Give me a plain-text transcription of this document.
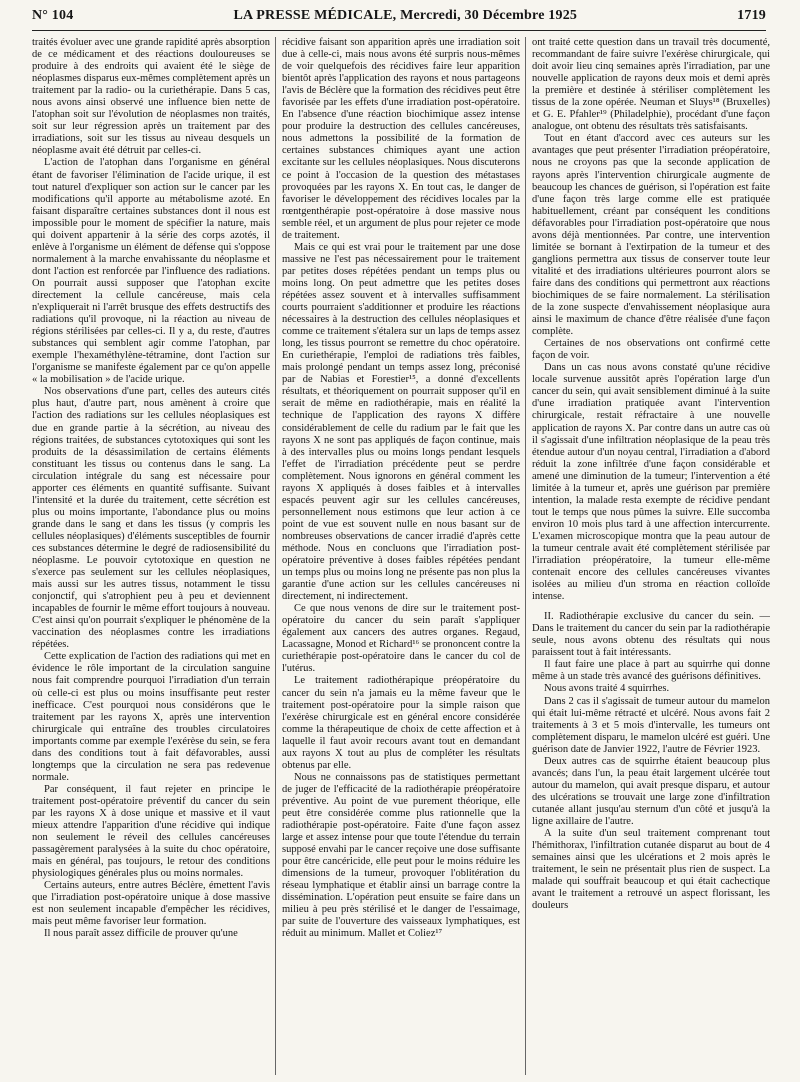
N° 104	LA PRESSE MÉDICALE, Mercredi, 30 Décembre 1925	1719

traités évoluer avec une grande rapidité après absorption de ce médicament et des réactions douloureuses se produire à des endroits qui avaient été le siège de néoplasmes disparus eux-mêmes complètement après un traitement par la radio- ou la curiethérapie. Dans 5 cas, nous avons ainsi observé une influence bien nette de l'atophan soit sur l'évolution de néoplasmes non traités, soit sur leur régression après un traitement par des irradiations, soit sur les tissus au niveau desquels un néoplasme avait été détruit par celles-ci.

L'action de l'atophan dans l'organisme en général étant de favoriser l'élimination de l'acide urique, il est tout naturel d'expliquer son action sur le cancer par les modifications qu'il apporte au métabolisme azoté. En faisant disparaître certaines substances dont il nous est impossible pour le moment de spécifier la nature, mais qui doivent appartenir à la série des corps azotés, il enlève à l'organisme un élément de défense qui s'oppose normalement à la marche envahissante du néoplasme et dont l'action est renforcée par l'influence des radiations. On pourrait aussi supposer que l'atophan excite directement la cellule cancéreuse, mais cela n'expliquerait ni l'arrêt brusque des effets destructifs des radiations qu'il provoque, ni la réaction au niveau de régions stérilisées par celles-ci. Il y a, du reste, d'autres substances qui semblent agir comme l'atophan, par exemple l'hexaméthylène-tétramine, dont l'action sur l'organisme se manifeste également par ce qu'on appelle « la mobilisation » de l'acide urique.

Nos observations d'une part, celles des auteurs cités plus haut, d'autre part, nous amènent à croire que l'action des radiations sur les cellules néoplasiques est due en grande partie à la sécrétion, au niveau des régions traitées, de substances cytotoxiques qui sont les produits de la désassimilation de certains éléments constituant les tissus ou contenus dans le sang. La circulation intégrale du sang est nécessaire pour apporter ces éléments en quantité suffisante. Suivant l'intensité et la durée du traitement, cette sécrétion est plus ou moins importante, l'abondance plus ou moins grande dans le sang et dans les tissus (y compris les cellules néoplasiques) d'éléments susceptibles de fournir ces substances détermine le degré de radiosensibilité du néoplasme. Le pouvoir cytotoxique en question ne s'exerce pas seulement sur les cellules néoplasiques, mais aussi sur les autres tissus, notamment le tissu conjonctif, qui s'atrophient peu à peu et deviennent incapables de fournir le même effort toujours à nouveau. C'est ainsi qu'on pourrait s'expliquer le phénomène de la vaccination des néoplasmes contre les irradiations répétées.

Cette explication de l'action des radiations qui met en évidence le rôle important de la circulation sanguine nous fait comprendre pourquoi l'irradiation d'un terrain où celle-ci est plus ou moins insuffisante peut rester inefficace. C'est pourquoi nous considérons que le traitement par les rayons X, après une intervention chirurgicale qui entraîne des troubles circulatoires importants comme par exemple l'exérèse du sein, se fera dans des conditions tout à fait défavorables, aussi longtemps que la circulation ne sera pas redevenue normale.

Par conséquent, il faut rejeter en principe le traitement post-opératoire préventif du cancer du sein par les rayons X à dose unique et massive et il vaut mieux attendre l'apparition d'une récidive qui indique non seulement le réveil des cellules cancéreuses passagèrement paralysées à la suite du choc opératoire, mais en général, pas toujours, le retour des conditions physiologiques générales plus ou moins normales.

Certains auteurs, entre autres Béclère, émettent l'avis que l'irradiation post-opératoire unique à dose massive est non seulement incapable d'empêcher les récidives, mais peut même favoriser leur formation.

Il nous paraît assez difficile de prouver qu'une

récidive faisant son apparition après une irradiation soit due à celle-ci, mais nous avons été surpris nous-mêmes de voir quelquefois des récidives faire leur apparition bientôt après l'application des rayons et nous partageons l'avis de Béclère que la formation des récidives peut être favorisée par les effets d'une irradiation post-opératoire. En l'absence d'une réaction biochimique assez intense pour produire la destruction des cellules cancéreuses, nous admettons la possibilité de la formation de certaines substances chimiques ayant une action excitante sur les cellules néoplasiques. Nous discuterons ce point à l'occasion de la question des métastases provoquées par les rayons X. En tout cas, le danger de favoriser le développement des récidives locales par la rœntgenthérapie post-opératoire à dose massive nous semble réel, et un argument de plus pour rejeter ce mode de traitement.

Mais ce qui est vrai pour le traitement par une dose massive ne l'est pas nécessairement pour le traitement par petites doses répétées pendant un temps plus ou moins long. On peut admettre que les petites doses répétées assez souvent et à intervalles suffisamment courts pourraient s'additionner et produire les réactions nécessaires à la destruction des cellules néoplasiques et comme ce traitement s'étalera sur un laps de temps assez long, les tissus pourront se remettre du choc opératoire. En curiethérapie, l'emploi de radiations très faibles, mais prolongé pendant un temps assez long, préconisé par de Nabias et Forestier¹⁵, a donné d'excellents résultats, et théoriquement on pourrait supposer qu'il en serait de même en radiothérapie, mais en réalité la technique de l'application des rayons X diffère considérablement de celle du radium par le fait que les rayons X ne sont pas appliqués de façon continue, mais à des intervalles plus ou moins longs pendant lesquels l'effet de l'irradiation précédente peut se perdre complètement. Nous ignorons en général comment les rayons X appliqués à doses faibles et à intervalles espacés peuvent agir sur les cellules cancéreuses, personnellement nous estimons que leur action à ce point de vue est souvent nulle en nous basant sur de nombreuses observations de cancer irradié d'après cette méthode. Nous en concluons que l'irradiation post-opératoire préventive à doses faibles répétées pendant un temps plus ou moins long ne présente pas non plus la garantie d'une action sur les cellules cancéreuses ni directement, ni indirectement.

Ce que nous venons de dire sur le traitement post-opératoire du cancer du sein paraît s'appliquer également aux cancers des autres organes. Regaud, Lacassagne, Monod et Richard¹⁶ se prononcent contre la curiethérapie post-opératoire dans le cancer du col de l'utérus.

Le traitement radiothérapique préopératoire du cancer du sein n'a jamais eu la même faveur que le traitement post-opératoire pour la simple raison que l'exérèse chirurgicale est en général encore considérée comme la thérapeutique de choix de cette affection et à laquelle il faut avoir recours avant tout en demandant aux rayons X tout au plus de compléter les résultats obtenus par elle.

Nous ne connaissons pas de statistiques permettant de juger de l'efficacité de la radiothérapie préopératoire préventive. Au point de vue purement théorique, elle peut être considérée comme plus rationnelle que la radiothérapie post-opératoire. Faite d'une façon assez large et assez intense pour que toute l'étendue du terrain supposé envahi par le cancer reçoive une dose suffisante pour être cancéricide, elle peut pour le moins réduire les dimensions de la tumeur, provoquer l'oblitération du réseau lymphatique et établir ainsi un barrage contre la dissémination. L'opération peut ensuite se faire dans un milieu à peu près stérilisé et le danger de l'essaimage, par suite de l'ouverture des vaisseaux lymphatiques, est réduit au minimum. Mallet et Coliez¹⁷

ont traité cette question dans un travail très documenté, recommandant de faire suivre l'exérèse chirurgicale, qui doit avoir lieu cinq semaines après l'irradiation, par une nouvelle application de rayons deux mois et demi après la première et destinée à stériliser complètement les tissus de la zone opérée. Neuman et Sluys¹⁸ (Bruxelles) et G. E. Pfahler¹⁹ (Philadelphie), procédant d'une façon analogue, ont obtenu des résultats très satisfaisants.

Tout en étant d'accord avec ces auteurs sur les avantages que peut présenter l'irradiation préopératoire, nous ne croyons pas que la seconde application de rayons après l'intervention chirurgicale augmente de beaucoup les chances de guérison, si l'opération est faite d'une façon très large comme elle est pratiquée habituellement, créant par conséquent les conditions défavorables pour l'irradiation post-opératoire que nous avons déjà mentionnées. Par contre, une intervention limitée se bornant à l'extirpation de la tumeur et des ganglions permettra aux tissus de conserver toute leur vitalité et des irradiations ultérieures pourront alors se faire dans des conditions qui permettront aux réactions biochimiques de se faire normalement. La stérilisation de la zone suspecte d'envahissement néoplasique aura ainsi le maximum de chance d'être réalisée d'une façon complète.

Certaines de nos observations ont confirmé cette façon de voir.

Dans un cas nous avons constaté qu'une récidive locale survenue aussitôt après l'opération large d'un cancer du sein, qui avait sensiblement diminué à la suite d'une irradiation pratiquée avant l'intervention chirurgicale, restait réfractaire à une nouvelle application de rayons X. Par contre dans un autre cas où il s'agissait d'une infiltration néoplasique de la peau très étendue autour d'un noyau central, l'irradiation a d'abord réduit la zone infiltrée d'une façon considérable et amené une diminution de la tumeur; l'intervention a été limitée à la tumeur et, après une guérison par première intention, la malade resta exempte de récidive pendant tout le temps que nous pûmes la suivre. Elle succomba environ 10 mois plus tard à une affection intercurrente. L'examen microscopique montra que la peau autour de la tumeur centrale avait été complètement stérilisée par l'irradiation préopératoire, la tumeur elle-même contenait encore des cellules cancéreuses vivantes isolées au milieu d'un stroma en réaction colloïde intense.

II. Radiothérapie exclusive du cancer du sein. — Dans le traitement du cancer du sein par la radiothérapie seule, nous avons obtenu des résultats qui nous paraissent tout à fait intéressants.

Il faut faire une place à part au squirrhe qui donne même à un stade très avancé des guérisons définitives.

Nous avons traité 4 squirrhes.

Dans 2 cas il s'agissait de tumeur autour du mamelon qui était lui-même rétracté et ulcéré. Nous avons fait 2 traitements à 3 et 5 mois d'intervalle, les tumeurs ont complètement disparu, le mamelon ulcéré est guéri. Une guérison date de Janvier 1922, l'autre de Février 1923.

Deux autres cas de squirrhe étaient beaucoup plus avancés; dans l'un, la peau était largement ulcérée tout autour du mamelon, qui avait presque disparu, et autour des ulcérations se trouvait une large zone d'infiltration cutanée allant jusqu'au sternum d'un côté et jusqu'à la ligne axillaire de l'autre.

A la suite d'un seul traitement comprenant tout l'hémithorax, l'infiltration cutanée disparut au bout de 4 semaines ainsi que les ulcérations et 2 mois après le traitement, le sein ne présentait plus rien de suspect. La malade qui souffrait beaucoup et qui était cachectique avant le traitement a retrouvé un aspect florissant, les douleurs
